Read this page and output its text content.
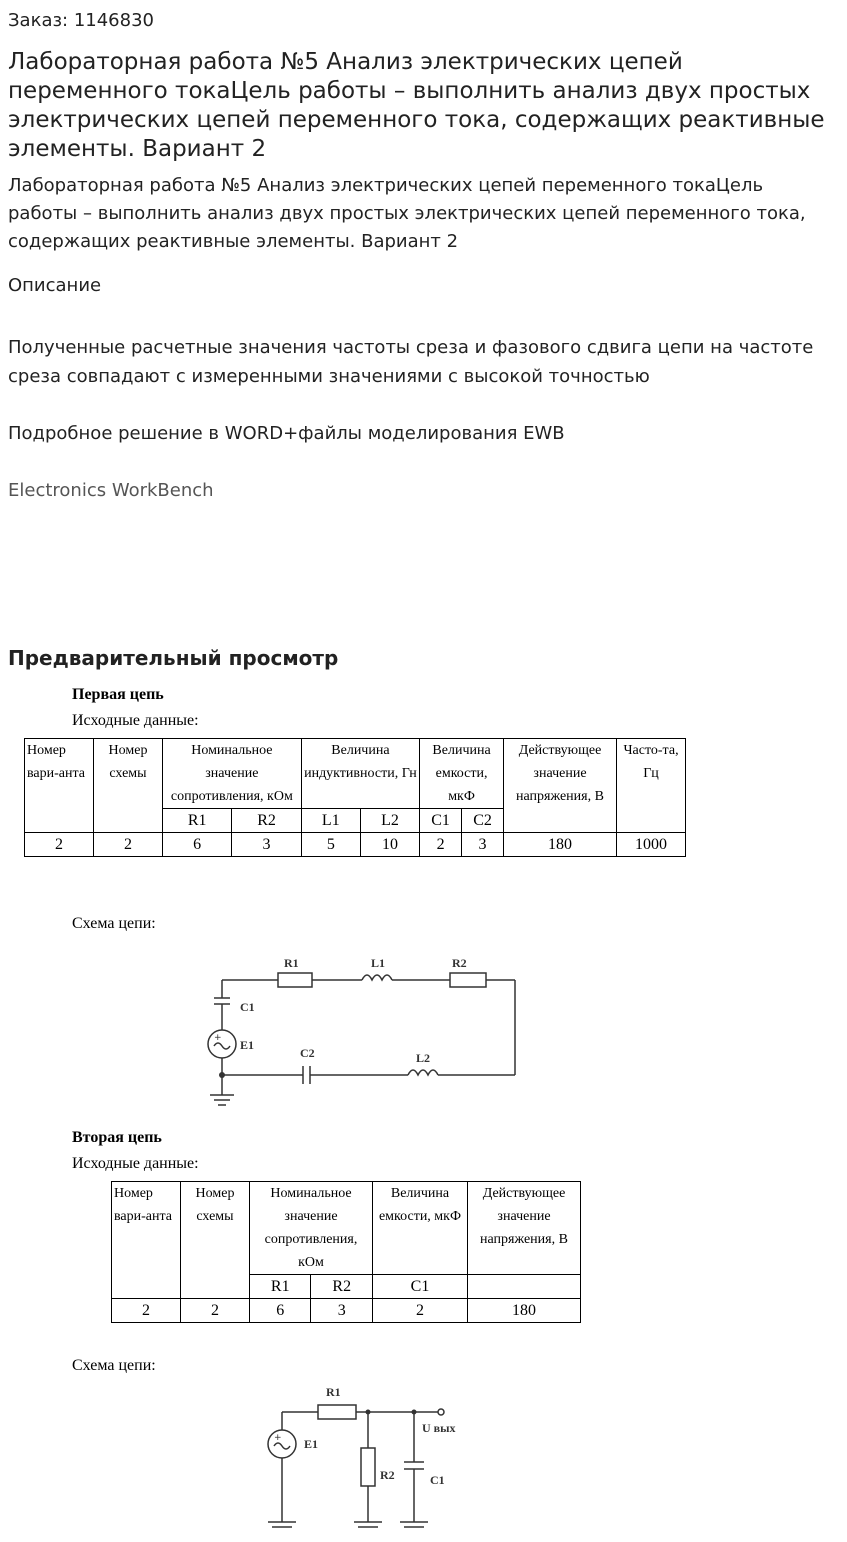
Заказ: 1146830
Лабораторная работа №5 Анализ электрических цепей переменного токаЦель работы – выполнить анализ двух простых электрических цепей переменного тока, содержащих реактивные элементы. Вариант 2
Лабораторная работа №5 Анализ электрических цепей переменного токаЦель работы – выполнить анализ двух простых электрических цепей переменного тока, содержащих реактивные элементы. Вариант 2
Описание
Полученные расчетные значения частоты среза и фазового сдвига цепи на частоте среза совпадают с измеренными значениями с высокой точностью
Подробное решение в WORD+файлы моделирования EWB
Electronics WorkBench
Предварительный просмотр
Первая цепь
Исходные данные:
Номер вари-анта	Номер схемы	Номинальное значение сопротивления, кОм		Величина индуктивности, Гн		Величина емкости, мкФ		Действующее значение напряжения, В	Часто-та, Гц
		R1	R2	L1	L2	C1	C2		
2	2	6	3	5	10	2	3	180	1000
Схема цепи:
+
R1	L1	R2
C1
E1
C2	L2
Вторая цепь
Исходные данные:
Номер вари-анта	Номер схемы	Номинальное значение сопротивления, кОм		Величина емкости, мкФ	Действующее значение напряжения, В
		R1	R2	C1	
2	2	6	3	2	180
Схема цепи:
+
R1
E1
R2	C1
U вых
